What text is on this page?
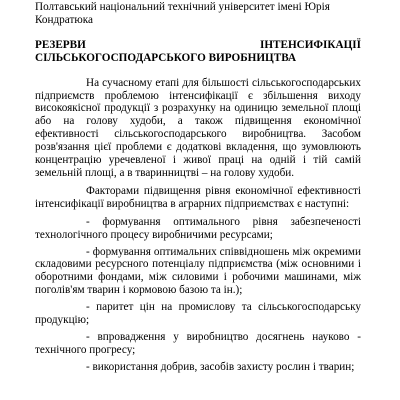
Полтавський національний технічний університет імені Юрія Кондратюка

РЕЗЕРВИ ІНТЕНСИФІКАЦІЇ СІЛЬСЬКОГОСПОДАРСЬКОГО ВИРОБНИЦТВА

На сучасному етапі для більшості сільськогосподарських підприємств проблемою інтенсифікації є збільшення виходу високоякісної продукції з розрахунку на одиницю земельної площі або на голову худоби, а також підвищення економічної ефективності сільськогосподарського виробництва. Засобом розв'язання цієї проблеми є додаткові вкладення, що зумовлюють концентрацію уречевленої і живої праці на одній і тій самій земельній площі, а в тваринництві – на голову худоби.

Факторами підвищення рівня економічної ефективності інтенсифікації виробництва в аграрних підприємствах є наступні:

- формування оптимального рівня забезпеченості технологічного процесу виробничими ресурсами;

- формування оптимальних співвідношень між окремими складовими ресурсного потенціалу підприємства (між основними і оборотними фондами, між силовими і робочими машинами, між поголів'ям тварин і кормовою базою та ін.);

- паритет цін на промислову та сільськогосподарську продукцію;

- впровадження у виробництво досягнень науково - технічного прогресу;

- використання добрив, засобів захисту рослин і тварин;
